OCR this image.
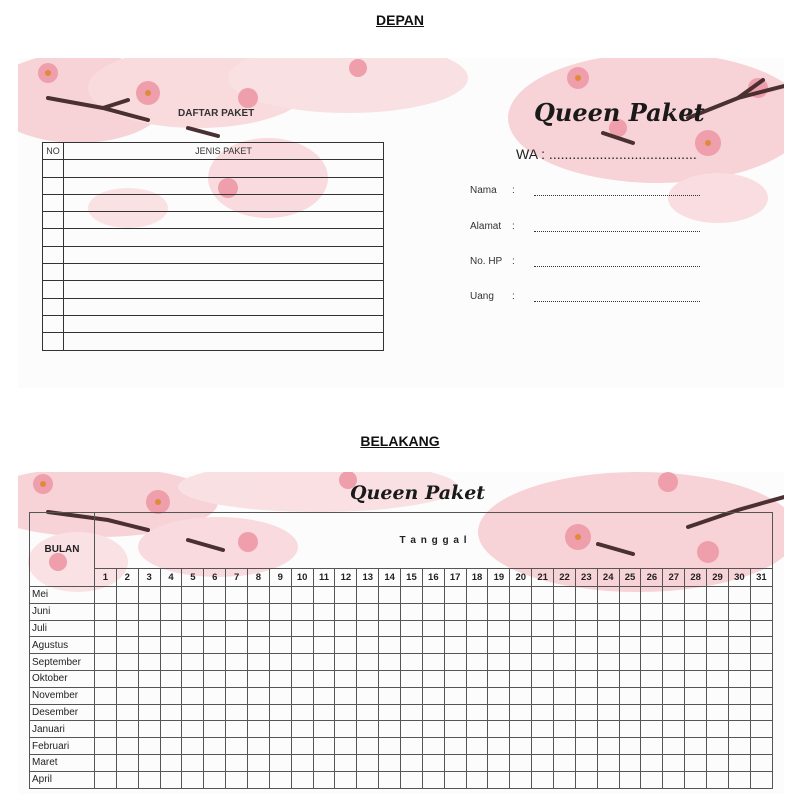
DEPAN
DAFTAR PAKET
NO	JENIS PAKET

Queen Paket
WA : ......................................
Nama :
Alamat :
No. HP :
Uang :
BELAKANG
Queen Paket
BULAN	T a n g g a l																														
	1	2	3	4	5	6	7	8	9	10	11	12	13	14	15	16	17	18	19	20	21	22	23	24	25	26	27	28	29	30	31
Mei																															
Juni																															
Juli																															
Agustus																															
September																															
Oktober																															
November																															
Desember																															
Januari																															
Februari																															
Maret																															
April																															
